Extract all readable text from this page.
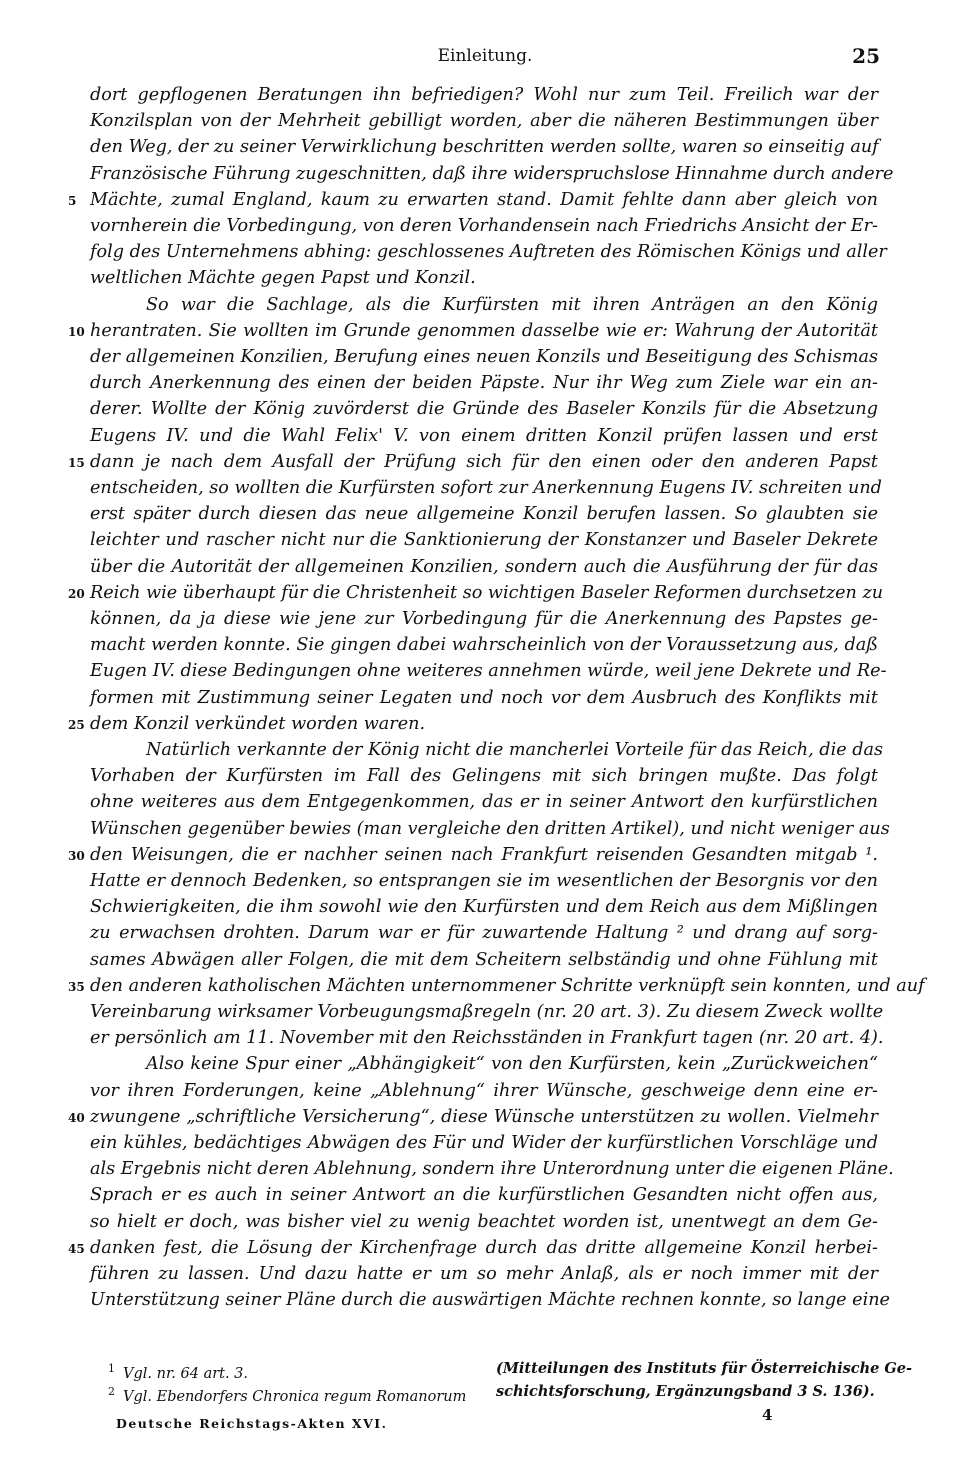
Einleitung.	25
dort gepflogenen Beratungen ihn befriedigen? Wohl nur zum Teil. Freilich war der
Konzilsplan von der Mehrheit gebilligt worden, aber die näheren Bestimmungen über
den Weg, der zu seiner Verwirklichung beschritten werden sollte, waren so einseitig auf
Französische Führung zugeschnitten, daß ihre widerspruchslose Hinnahme durch andere
Mächte, zumal England, kaum zu erwarten stand. Damit fehlte dann aber gleich von
5
vornherein die Vorbedingung, von deren Vorhandensein nach Friedrichs Ansicht der Er-
folg des Unternehmens abhing: geschlossenes Auftreten des Römischen Königs und aller
weltlichen Mächte gegen Papst und Konzil.
So war die Sachlage, als die Kurfürsten mit ihren Anträgen an den König
herantraten. Sie wollten im Grunde genommen dasselbe wie er: Wahrung der Autorität
10
der allgemeinen Konzilien, Berufung eines neuen Konzils und Beseitigung des Schismas
durch Anerkennung des einen der beiden Päpste. Nur ihr Weg zum Ziele war ein an-
derer. Wollte der König zuvörderst die Gründe des Baseler Konzils für die Absetzung
Eugens IV. und die Wahl Felix' V. von einem dritten Konzil prüfen lassen und erst
dann je nach dem Ausfall der Prüfung sich für den einen oder den anderen Papst
15
entscheiden, so wollten die Kurfürsten sofort zur Anerkennung Eugens IV. schreiten und
erst später durch diesen das neue allgemeine Konzil berufen lassen. So glaubten sie
leichter und rascher nicht nur die Sanktionierung der Konstanzer und Baseler Dekrete
über die Autorität der allgemeinen Konzilien, sondern auch die Ausführung der für das
Reich wie überhaupt für die Christenheit so wichtigen Baseler Reformen durchsetzen zu
20
können, da ja diese wie jene zur Vorbedingung für die Anerkennung des Papstes ge-
macht werden konnte. Sie gingen dabei wahrscheinlich von der Voraussetzung aus, daß
Eugen IV. diese Bedingungen ohne weiteres annehmen würde, weil jene Dekrete und Re-
formen mit Zustimmung seiner Legaten und noch vor dem Ausbruch des Konflikts mit
dem Konzil verkündet worden waren.
25
Natürlich verkannte der König nicht die mancherlei Vorteile für das Reich, die das
Vorhaben der Kurfürsten im Fall des Gelingens mit sich bringen mußte. Das folgt
ohne weiteres aus dem Entgegenkommen, das er in seiner Antwort den kurfürstlichen
Wünschen gegenüber bewies (man vergleiche den dritten Artikel), und nicht weniger aus
den Weisungen, die er nachher seinen nach Frankfurt reisenden Gesandten mitgab ¹.
30
Hatte er dennoch Bedenken, so entsprangen sie im wesentlichen der Besorgnis vor den
Schwierigkeiten, die ihm sowohl wie den Kurfürsten und dem Reich aus dem Mißlingen
zu erwachsen drohten. Darum war er für zuwartende Haltung ² und drang auf sorg-
sames Abwägen aller Folgen, die mit dem Scheitern selbständig und ohne Fühlung mit
den anderen katholischen Mächten unternommener Schritte verknüpft sein konnten, und auf
35
Vereinbarung wirksamer Vorbeugungsmaßregeln (nr. 20 art. 3). Zu diesem Zweck wollte
er persönlich am 11. November mit den Reichsständen in Frankfurt tagen (nr. 20 art. 4).
Also keine Spur einer „Abhängigkeit“ von den Kurfürsten, kein „Zurückweichen“
vor ihren Forderungen, keine „Ablehnung“ ihrer Wünsche, geschweige denn eine er-
zwungene „schriftliche Versicherung“, diese Wünsche unterstützen zu wollen. Vielmehr
40
ein kühles, bedächtiges Abwägen des Für und Wider der kurfürstlichen Vorschläge und
als Ergebnis nicht deren Ablehnung, sondern ihre Unterordnung unter die eigenen Pläne.
Sprach er es auch in seiner Antwort an die kurfürstlichen Gesandten nicht offen aus,
so hielt er doch, was bisher viel zu wenig beachtet worden ist, unentwegt an dem Ge-
danken fest, die Lösung der Kirchenfrage durch das dritte allgemeine Konzil herbei-
45
führen zu lassen. Und dazu hatte er um so mehr Anlaß, als er noch immer mit der
Unterstützung seiner Pläne durch die auswärtigen Mächte rechnen konnte, so lange eine
$^1$ Vgl. nr. 64 art. 3.
$^2$ Vgl. Ebendorfers Chronica regum Romanorum
(Mitteilungen des Instituts für Österreichische Ge-
schichtsforschung, Ergänzungsband 3 S. 136).
Deutsche Reichstags-Akten XVI.	4
